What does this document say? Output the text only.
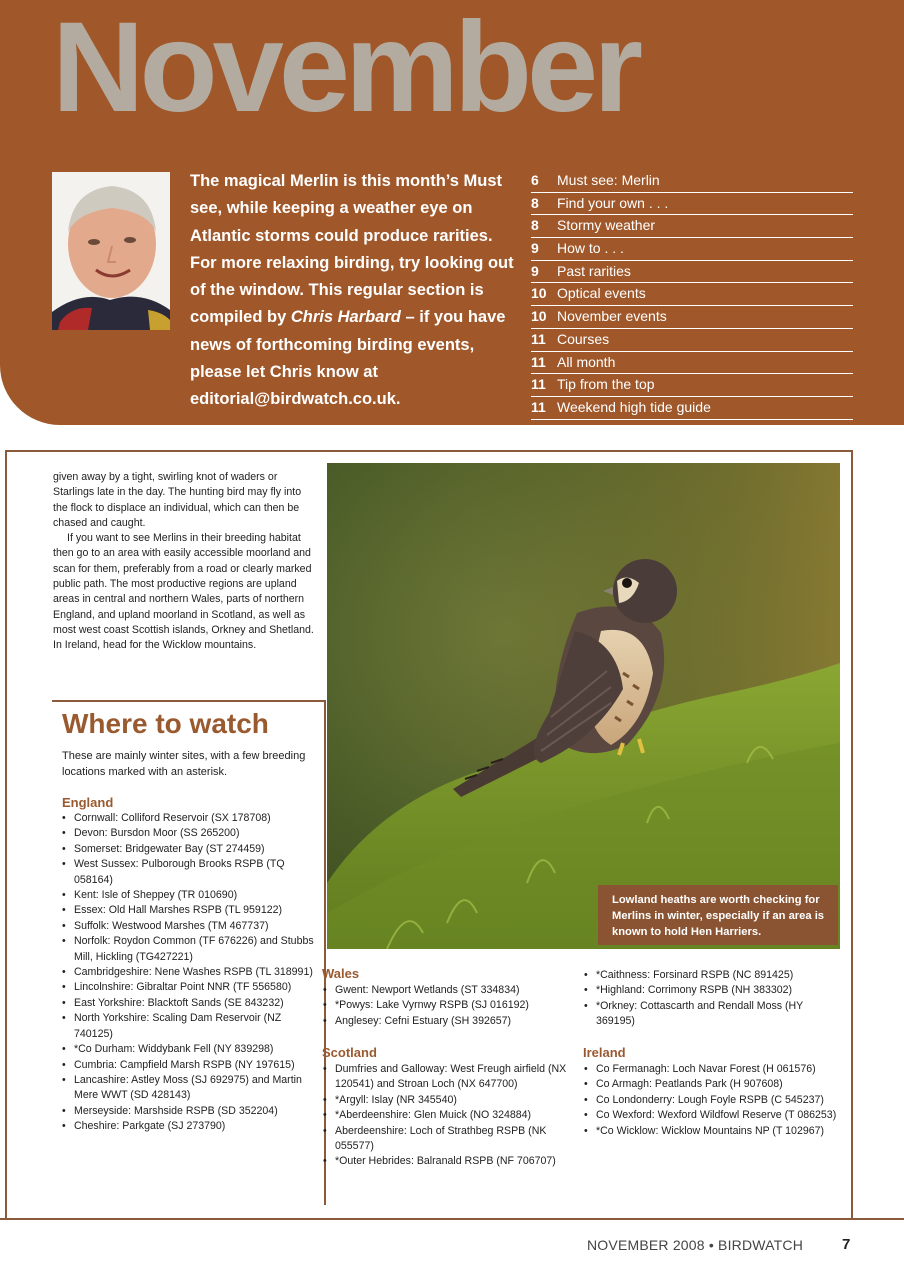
November
The magical Merlin is this month’s Must see, while keeping a weather eye on Atlantic storms could produce rarities. For more relaxing birding, try looking out of the window. This regular section is compiled by Chris Harbard – if you have news of forthcoming birding events, please let Chris know at editorial@birdwatch.co.uk.
6	Must see: Merlin
8	Find your own . . .
8	Stormy weather
9	How to . . .
9	Past rarities
10 Optical events
10 November events
11 Courses
11 All month
11 Tip from the top
11 Weekend high tide guide

given away by a tight, swirling knot of waders or Starlings late in the day. The hunting bird may fly into the flock to displace an individual, which can then be chased and caught.

If you want to see Merlins in their breeding habitat then go to an area with easily accessible moorland and scan for them, preferably from a road or clearly marked public path. The most productive regions are upland areas in central and northern Wales, parts of northern England, and upland moorland in Scotland, as well as most west coast Scottish islands, Orkney and Shetland. In Ireland, head for the Wicklow mountains.

Lowland heaths are worth checking for Merlins in winter, especially if an area is known to hold Hen Harriers.
Where to watch
These are mainly winter sites, with a few breeding locations marked with an asterisk.
England
• Cornwall: Colliford Reservoir (SX 178708)
• Devon: Bursdon Moor (SS 265200)
• Somerset: Bridgewater Bay (ST 274459)
• West Sussex: Pulborough Brooks RSPB (TQ 058164)
• Kent: Isle of Sheppey (TR 010690)
• Essex: Old Hall Marshes RSPB (TL 959122)
• Suffolk: Westwood Marshes (TM 467737)
• Norfolk: Roydon Common (TF 676226) and Stubbs Mill, Hickling (TG427221)
• Cambridgeshire: Nene Washes RSPB (TL 318991)
• Lincolnshire: Gibraltar Point NNR (TF 556580)
• East Yorkshire: Blacktoft Sands (SE 843232)
• North Yorkshire: Scaling Dam Reservoir (NZ 740125)
• *Co Durham: Widdybank Fell (NY 839298)
• Cumbria: Campfield Marsh RSPB (NY 197615)
• Lancashire: Astley Moss (SJ 692975) and Martin Mere WWT (SD 428143)
• Merseyside: Marshside RSPB (SD 352204)
• Cheshire: Parkgate (SJ 273790)
Wales
• Gwent: Newport Wetlands (ST 334834)
• *Powys: Lake Vyrnwy RSPB (SJ 016192)
• Anglesey: Cefni Estuary (SH 392657)
Scotland
• Dumfries and Galloway: West Freugh airfield (NX 120541) and Stroan Loch (NX 647700)
• *Argyll: Islay (NR 345540)
• *Aberdeenshire: Glen Muick (NO 324884)
• Aberdeenshire: Loch of Strathbeg RSPB (NK 055577)
• *Outer Hebrides: Balranald RSPB (NF 706707)
• *Caithness: Forsinard RSPB (NC 891425)
• *Highland: Corrimony RSPB (NH 383302)
• *Orkney: Cottascarth and Rendall Moss (HY 369195)
Ireland
• Co Fermanagh: Loch Navar Forest (H 061576)
• Co Armagh: Peatlands Park (H 907608)
• Co Londonderry: Lough Foyle RSPB (C 545237)
• Co Wexford: Wexford Wildfowl Reserve (T 086253)
• *Co Wicklow: Wicklow Mountains NP (T 102967)
NOVEMBER 2008 • BIRDWATCH	7
